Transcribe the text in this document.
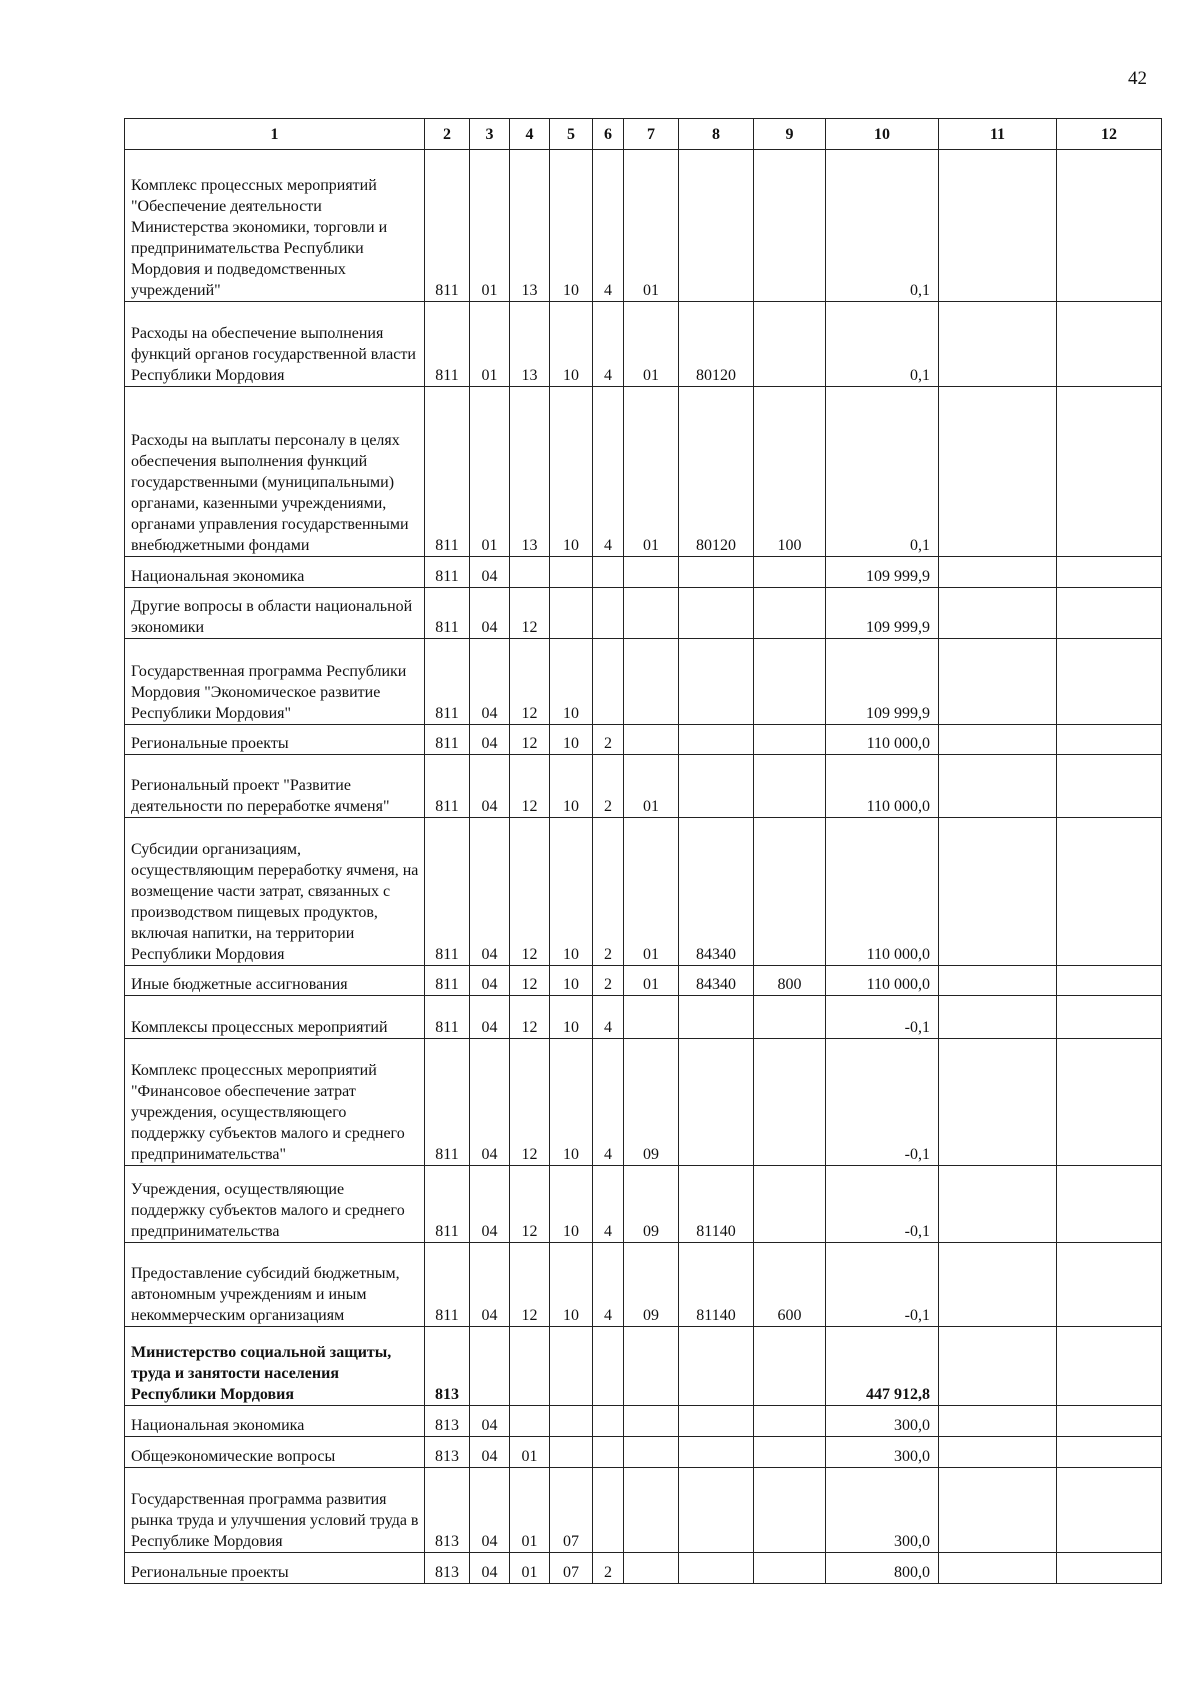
42
1	2	3	4	5	6	7	8	9	10	11	12
Комплекс процессных мероприятий "Обеспечение деятельности Министерства экономики, торговли и предпринимательства Республики Мордовия и подведомственных учреждений"	811	01	13	10	4	01			0,1		
Расходы на обеспечение выполнения функций органов государственной власти Республики Мордовия	811	01	13	10	4	01	80120		0,1		
Расходы на выплаты персоналу в целях обеспечения выполнения функций государственными (муниципальными) органами, казенными учреждениями, органами управления государственными внебюджетными фондами	811	01	13	10	4	01	80120	100	0,1		
Национальная экономика	811	04							109 999,9		
Другие вопросы в области национальной экономики	811	04	12						109 999,9		
Государственная программа Республики Мордовия "Экономическое развитие Республики Мордовия"	811	04	12	10					109 999,9		
Региональные проекты	811	04	12	10	2				110 000,0		
Региональный проект "Развитие деятельности по переработке ячменя"	811	04	12	10	2	01			110 000,0		
Субсидии организациям, осуществляющим переработку ячменя, на возмещение части затрат, связанных с производством пищевых продуктов, включая напитки, на территории Республики Мордовия	811	04	12	10	2	01	84340		110 000,0		
Иные бюджетные ассигнования	811	04	12	10	2	01	84340	800	110 000,0		
Комплексы процессных мероприятий	811	04	12	10	4				-0,1		
Комплекс процессных мероприятий "Финансовое обеспечение затрат учреждения, осуществляющего поддержку субъектов малого и среднего предпринимательства"	811	04	12	10	4	09			-0,1		
Учреждения, осуществляющие поддержку субъектов малого и среднего предпринимательства	811	04	12	10	4	09	81140		-0,1		
Предоставление субсидий бюджетным, автономным учреждениям и иным некоммерческим организациям	811	04	12	10	4	09	81140	600	-0,1		
Министерство социальной защиты, труда и занятости населения Республики Мордовия	813								447 912,8		
Национальная экономика	813	04							300,0		
Общеэкономические вопросы	813	04	01						300,0		
Государственная программа развития рынка труда и улучшения условий труда в Республике Мордовия	813	04	01	07					300,0		
Региональные проекты	813	04	01	07	2				800,0		
